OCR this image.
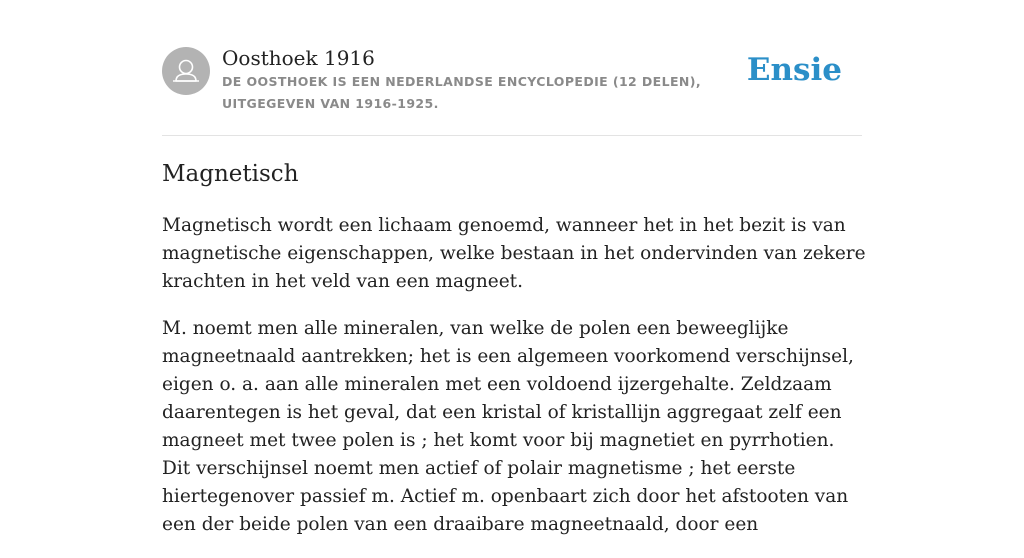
Oosthoek 1916
DE OOSTHOEK IS EEN NEDERLANDSE ENCYCLOPEDIE (12 DELEN), UITGEGEVEN VAN 1916-1925.
Ensie
Magnetisch

Magnetisch wordt een lichaam genoemd, wanneer het in het bezit is van magnetische eigenschappen, welke bestaan in het ondervinden van zekere krachten in het veld van een magneet.

M. noemt men alle mineralen, van welke de polen een beweeglijke magneetnaald aantrekken; het is een algemeen voorkomend verschijnsel, eigen o. a. aan alle mineralen met een voldoend ijzergehalte. Zeldzaam daarentegen is het geval, dat een kristal of kristallijn aggregaat zelf een magneet met twee polen is ; het komt voor bij magnetiet en pyrrhotien. Dit verschijnsel noemt men actief of polair magnetisme ; het eerste hiertegenover passief m. Actief m. openbaart zich door het afstooten van een der beide polen van een draaibare magneetnaald, door een
